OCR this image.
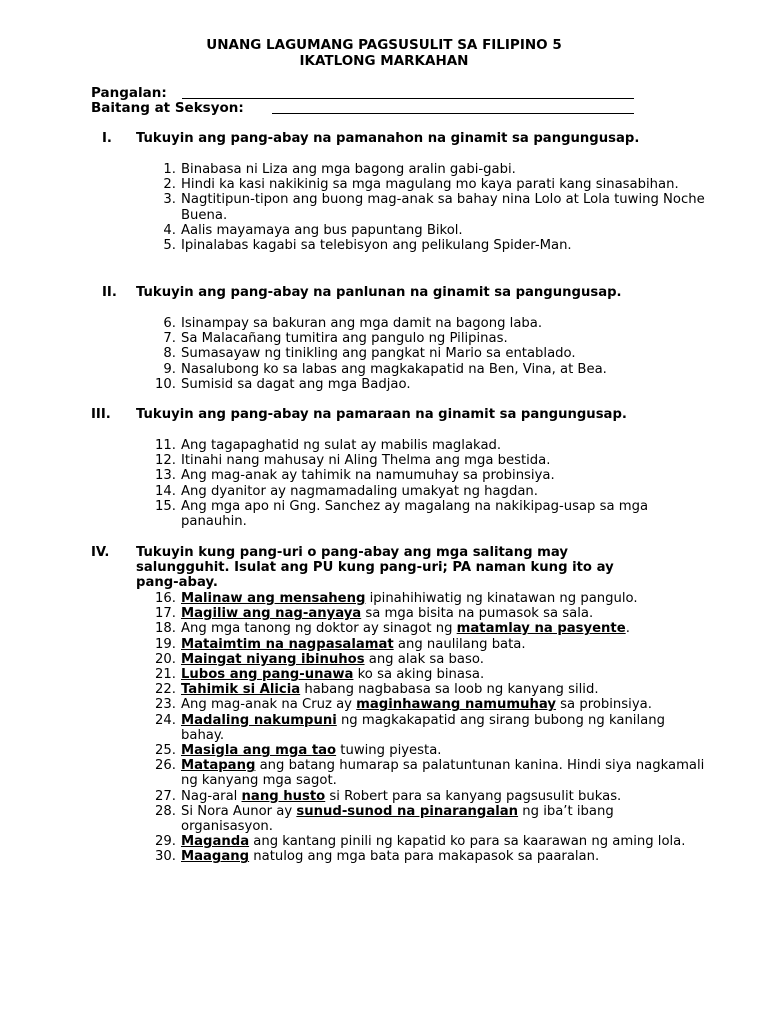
UNANG LAGUMANG PAGSUSULIT SA FILIPINO 5
IKATLONG MARKAHAN
Pangalan:
Baitang at Seksyon:
I. Tukuyin ang pang-abay na pamanahon na ginamit sa pangungusap.
1. Binabasa ni Liza ang mga bagong aralin gabi-gabi.
2. Hindi ka kasi nakikinig sa mga magulang mo kaya parati kang sinasabihan.
3. Nagtitipun-tipon ang buong mag-anak sa bahay nina Lolo at Lola tuwing Noche Buena.
4. Aalis mayamaya ang bus papuntang Bikol.
5. Ipinalabas kagabi sa telebisyon ang pelikulang Spider-Man.
II. Tukuyin ang pang-abay na panlunan na ginamit sa pangungusap.
6. Isinampay sa bakuran ang mga damit na bagong laba.
7. Sa Malacañang tumitira ang pangulo ng Pilipinas.
8. Sumasayaw ng tinikling ang pangkat ni Mario sa entablado.
9. Nasalubong ko sa labas ang magkakapatid na Ben, Vina, at Bea.
10. Sumisid sa dagat ang mga Badjao.
III. Tukuyin ang pang-abay na pamaraan na ginamit sa pangungusap.
11. Ang tagapaghatid ng sulat ay mabilis maglakad.
12. Itinahi nang mahusay ni Aling Thelma ang mga bestida.
13. Ang mag-anak ay tahimik na namumuhay sa probinsiya.
14. Ang dyanitor ay nagmamadaling umakyat ng hagdan.
15. Ang mga apo ni Gng. Sanchez ay magalang na nakikipag-usap sa mga panauhin.
IV. Tukuyin kung pang-uri o pang-abay ang mga salitang may salungguhit. Isulat ang PU kung pang-uri; PA naman kung ito ay pang-abay.
16. Malinaw ang mensaheng ipinahihiwatig ng kinatawan ng pangulo.
17. Magiliw ang nag-anyaya sa mga bisita na pumasok sa sala.
18. Ang mga tanong ng doktor ay sinagot ng matamlay na pasyente.
19. Mataimtim na nagpasalamat ang naulilang bata.
20. Maingat niyang ibinuhos ang alak sa baso.
21. Lubos ang pang-unawa ko sa aking binasa.
22. Tahimik si Alicia habang nagbabasa sa loob ng kanyang silid.
23. Ang mag-anak na Cruz ay maginhawang namumuhay sa probinsiya.
24. Madaling nakumpuni ng magkakapatid ang sirang bubong ng kanilang bahay.
25. Masigla ang mga tao tuwing piyesta.
26. Matapang ang batang humarap sa palatuntunan kanina. Hindi siya nagkamali ng kanyang mga sagot.
27. Nag-aral nang husto si Robert para sa kanyang pagsusulit bukas.
28. Si Nora Aunor ay sunud-sunod na pinarangalan ng iba’t ibang organisasyon.
29. Maganda ang kantang pinili ng kapatid ko para sa kaarawan ng aming lola.
30. Maagang natulog ang mga bata para makapasok sa paaralan.
